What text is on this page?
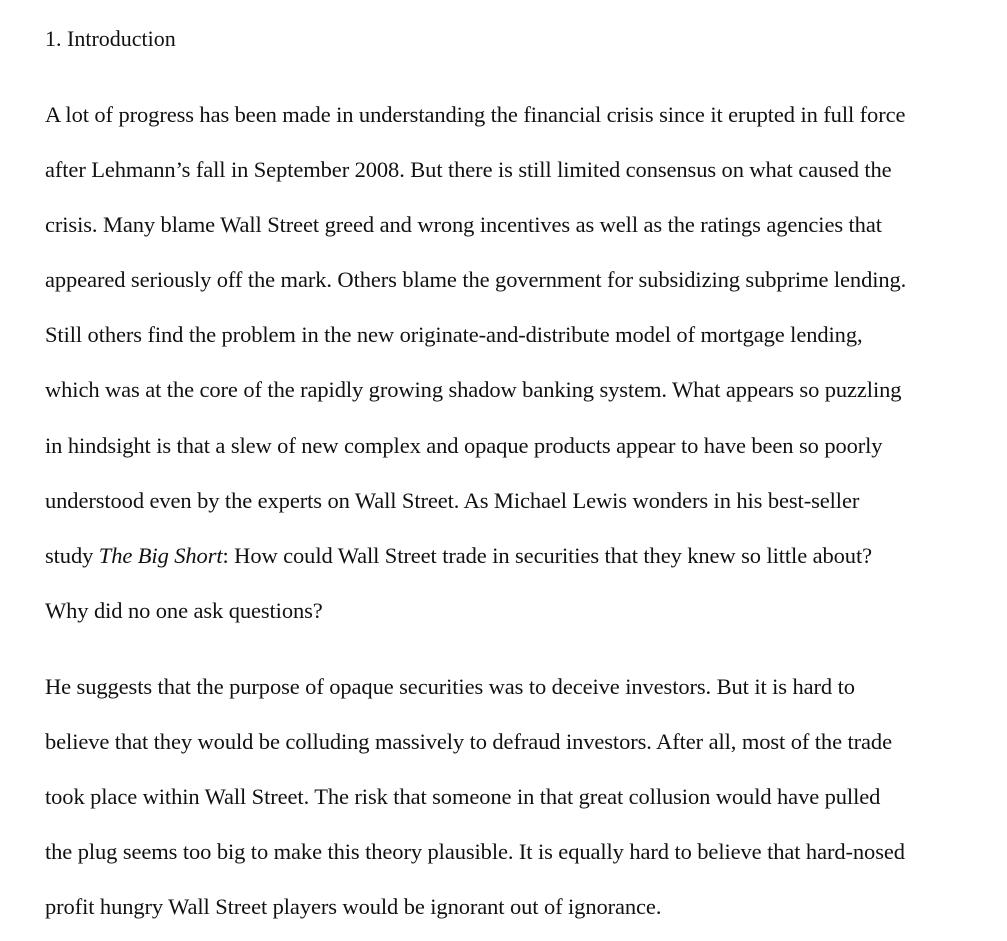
1. Introduction
A lot of progress has been made in understanding the financial crisis since it erupted in full force
after Lehmann’s fall in September 2008. But there is still limited consensus on what caused the
crisis. Many blame Wall Street greed and wrong incentives as well as the ratings agencies that
appeared seriously off the mark. Others blame the government for subsidizing subprime lending.
Still others find the problem in the new originate-and-distribute model of mortgage lending,
which was at the core of the rapidly growing shadow banking system. What appears so puzzling
in hindsight is that a slew of new complex and opaque products appear to have been so poorly
understood even by the experts on Wall Street. As Michael Lewis wonders in his best-seller
study The Big Short: How could Wall Street trade in securities that they knew so little about?
Why did no one ask questions?
He suggests that the purpose of opaque securities was to deceive investors. But it is hard to
believe that they would be colluding massively to defraud investors. After all, most of the trade
took place within Wall Street. The risk that someone in that great collusion would have pulled
the plug seems too big to make this theory plausible. It is equally hard to believe that hard-nosed
profit hungry Wall Street players would be ignorant out of ignorance.
